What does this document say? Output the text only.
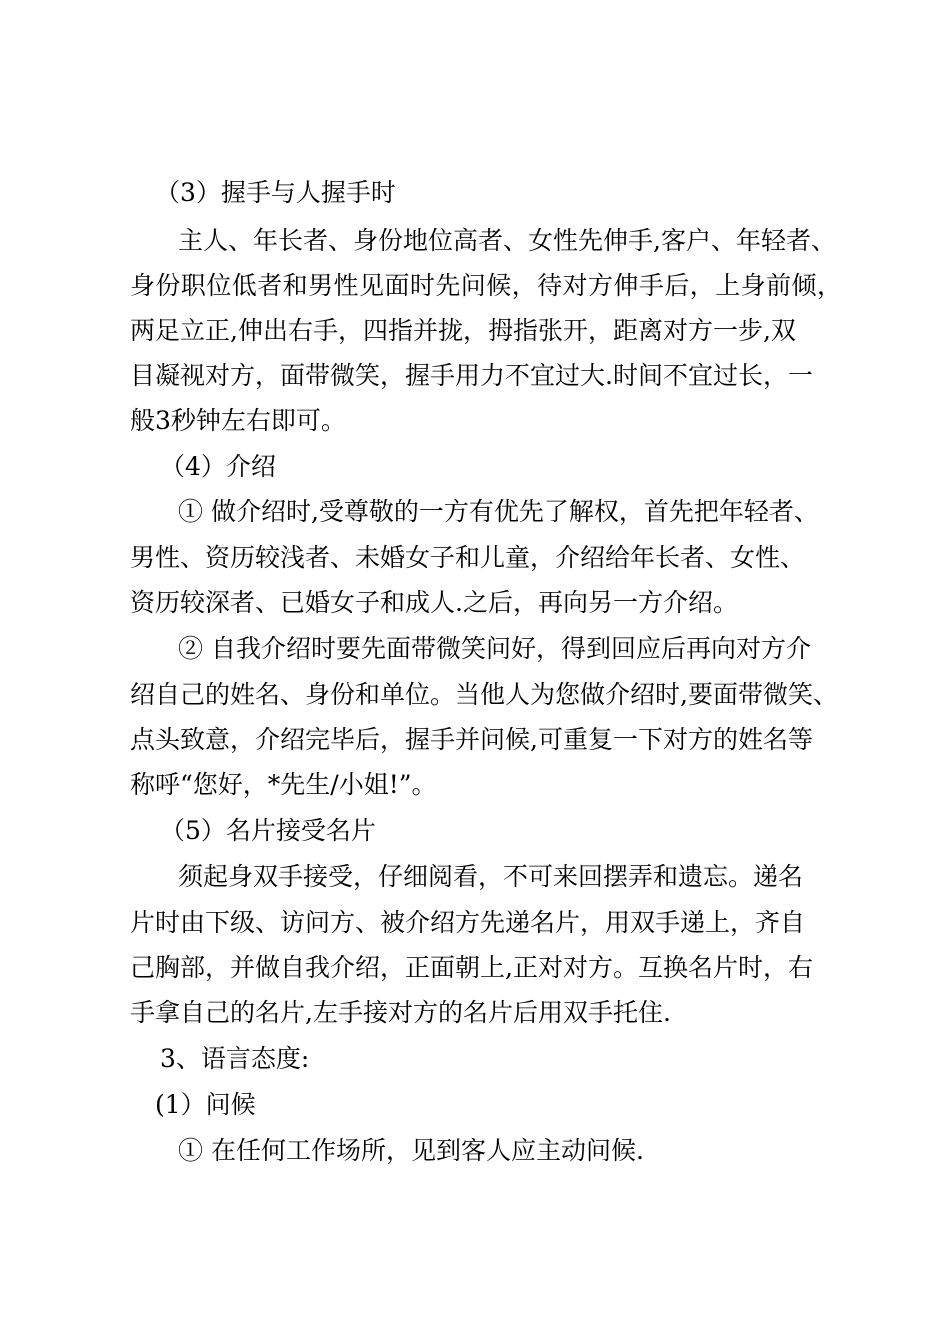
（3）握手与人握手时
主人、年长者、身份地位高者、女性先伸手,客户、年轻者、
身份职位低者和男性见面时先问候，待对方伸手后，上身前倾，
两足立正,伸出右手，四指并拢，拇指张开，距离对方一步,双
目凝视对方，面带微笑，握手用力不宜过大.时间不宜过长，一
般3秒钟左右即可。
（4）介绍
① 做介绍时,受尊敬的一方有优先了解权，首先把年轻者、
男性、资历较浅者、未婚女子和儿童，介绍给年长者、女性、
资历较深者、已婚女子和成人.之后，再向另一方介绍。
② 自我介绍时要先面带微笑问好，得到回应后再向对方介
绍自己的姓名、身份和单位。当他人为您做介绍时,要面带微笑、
点头致意，介绍完毕后，握手并问候,可重复一下对方的姓名等
称呼“您好，*先生/小姐!”。
（5）名片接受名片
须起身双手接受，仔细阅看，不可来回摆弄和遗忘。递名
片时由下级、访问方、被介绍方先递名片，用双手递上，齐自
己胸部，并做自我介绍，正面朝上,正对对方。互换名片时，右
手拿自己的名片,左手接对方的名片后用双手托住.
3、语言态度:
(1）问候
① 在任何工作场所，见到客人应主动问候.
